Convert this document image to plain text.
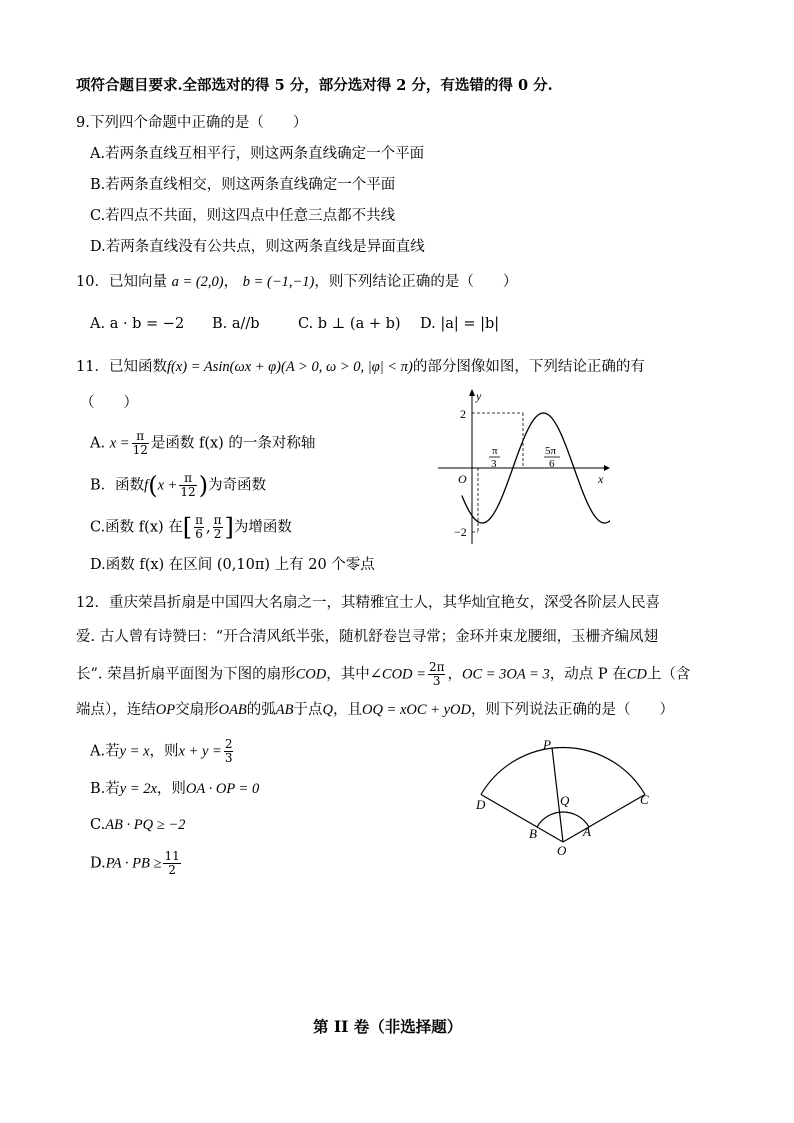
项符合题目要求.全部选对的得 5 分，部分选对得 2 分，有选错的得 0 分.
9.下列四个命题中正确的是（　　）
A.若两条直线互相平行，则这两条直线确定一个平面
B.若两条直线相交，则这两条直线确定一个平面
C.若四点不共面，则这四点中任意三点都不共线
D.若两条直线没有公共点，则这两条直线是异面直线
10．已知向量 a = (2,0)， b = (−1,−1)，则下列结论正确的是（　　）
A. a · b = −2 B. a//b	C. b ⊥ (a + b) D. |a| = |b|
11．已知函数f(x) = Asin(ωx + φ)(A > 0, ω > 0, |φ| < π)的部分图像如图，下列结论正确的有
（　　）
A. $x = \frac{\pi}{12}$ 是函数 f(x) 的一条对称轴
B．函数$f(x + \frac{\pi}{12}$ )为奇函数
C.函数 f(x) 在[ $\frac{\pi}{6}$ , $\frac{\pi}{2}$ ]为增函数
D.函数 f(x) 在区间 (0,10π) 上有 20 个零点
y
x
O
2
−2
π
3
5π
6
12．重庆荣昌折扇是中国四大名扇之一，其精雅宜士人，其华灿宜艳女，深受各阶层人民喜
爱. 古人曾有诗赞曰：“开合清风纸半张，随机舒卷岂寻常；金环并束龙腰细，玉栅齐编凤翅
长”. 荣昌折扇平面图为下图的扇形COD，其中∠COD = $\frac{2\pi}{3}$ ，OC = 3OA = 3，动点 P 在CD上（含
端点），连结OP交扇形OAB的弧AB于点Q，且OQ = xOC + yOD，则下列说法正确的是（　　）
A.若y = x，则$x + y = \frac{2}{3}$
B.若y = 2x，则OA · OP = 0
C.AB · PQ ≥ −2
D.PA · PB ≥ $\frac{11}{2}$
P
D	C
Q
B	A
O
第 II 卷（非选择题）
